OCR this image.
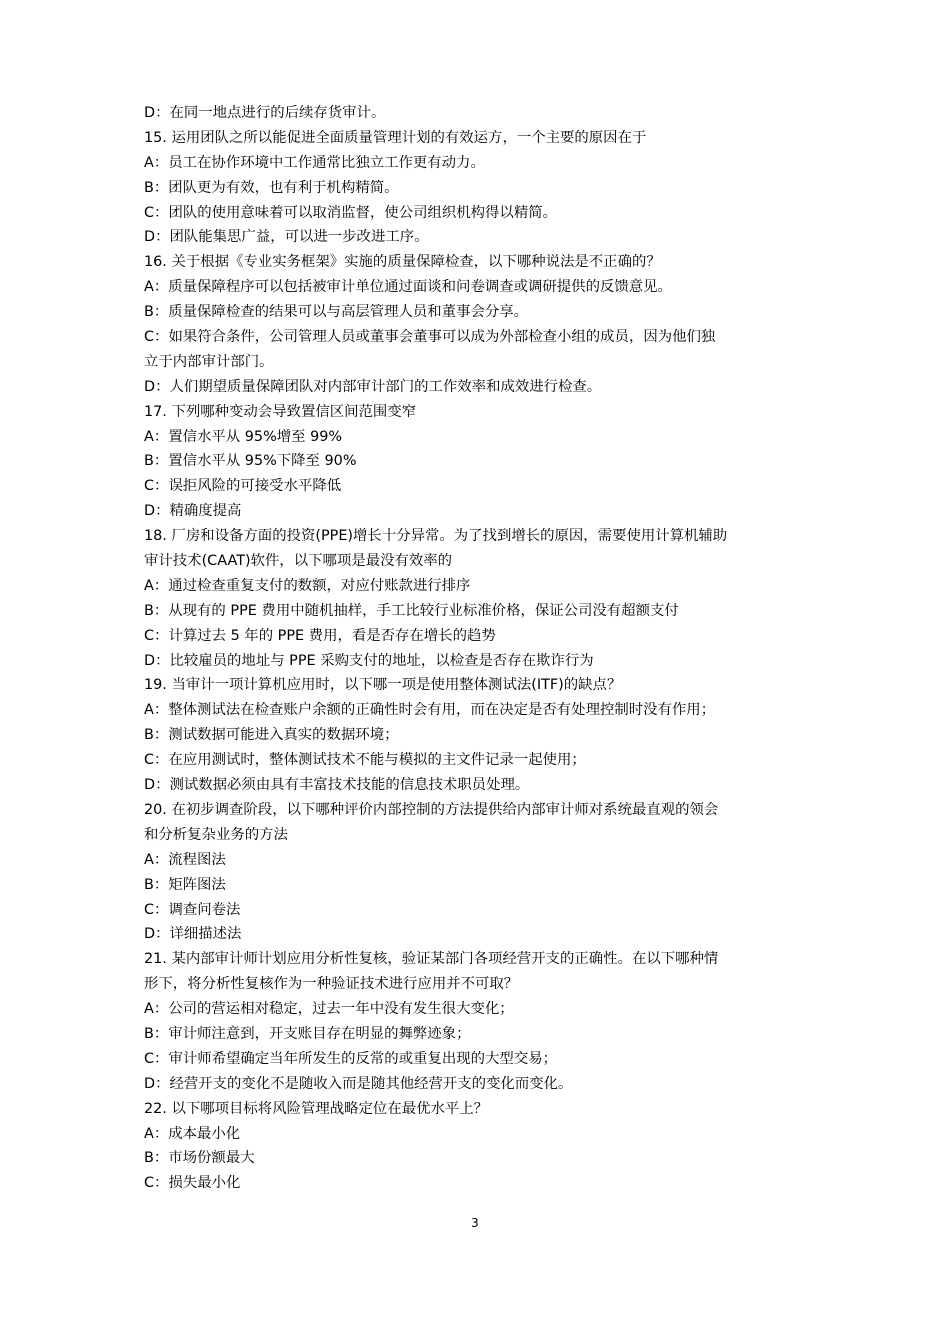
D：在同一地点进行的后续存货审计。

15. 运用团队之所以能促进全面质量管理计划的有效运方，一个主要的原因在于

A：员工在协作环境中工作通常比独立工作更有动力。

B：团队更为有效，也有利于机构精简。

C：团队的使用意味着可以取消监督，使公司组织机构得以精简。

D：团队能集思广益，可以进一步改进工序。

16. 关于根据《专业实务框架》实施的质量保障检查，以下哪种说法是不正确的？

A：质量保障程序可以包括被审计单位通过面谈和问卷调查或调研提供的反馈意见。

B：质量保障检查的结果可以与高层管理人员和董事会分享。

C：如果符合条件，公司管理人员或董事会董事可以成为外部检查小组的成员，因为他们独

立于内部审计部门。

D：人们期望质量保障团队对内部审计部门的工作效率和成效进行检查。

17. 下列哪种变动会导致置信区间范围变窄

A：置信水平从 95%增至 99%

B：置信水平从 95%下降至 90%

C：误拒风险的可接受水平降低

D：精确度提高

18. 厂房和设备方面的投资(PPE)增长十分异常。为了找到增长的原因，需要使用计算机辅助

审计技术(CAAT)软件，以下哪项是最没有效率的

A：通过检查重复支付的数额，对应付账款进行排序

B：从现有的 PPE 费用中随机抽样，手工比较行业标准价格，保证公司没有超额支付

C：计算过去 5 年的 PPE 费用，看是否存在增长的趋势

D：比较雇员的地址与 PPE 采购支付的地址，以检查是否存在欺诈行为

19. 当审计一项计算机应用时，以下哪一项是使用整体测试法(ITF)的缺点？

A：整体测试法在检查账户余额的正确性时会有用，而在决定是否有处理控制时没有作用；

B：测试数据可能进入真实的数据环境；

C：在应用测试时，整体测试技术不能与模拟的主文件记录一起使用；

D：测试数据必须由具有丰富技术技能的信息技术职员处理。

20. 在初步调查阶段，以下哪种评价内部控制的方法提供给内部审计师对系统最直观的领会

和分析复杂业务的方法

A：流程图法

B：矩阵图法

C：调查问卷法

D：详细描述法

21. 某内部审计师计划应用分析性复核，验证某部门各项经营开支的正确性。在以下哪种情

形下，将分析性复核作为一种验证技术进行应用并不可取？

A：公司的营运相对稳定，过去一年中没有发生很大变化；

B：审计师注意到，开支账目存在明显的舞弊迹象；

C：审计师希望确定当年所发生的反常的或重复出现的大型交易；

D：经营开支的变化不是随收入而是随其他经营开支的变化而变化。

22. 以下哪项目标将风险管理战略定位在最优水平上？

A：成本最小化

B：市场份额最大

C：损失最小化

3
